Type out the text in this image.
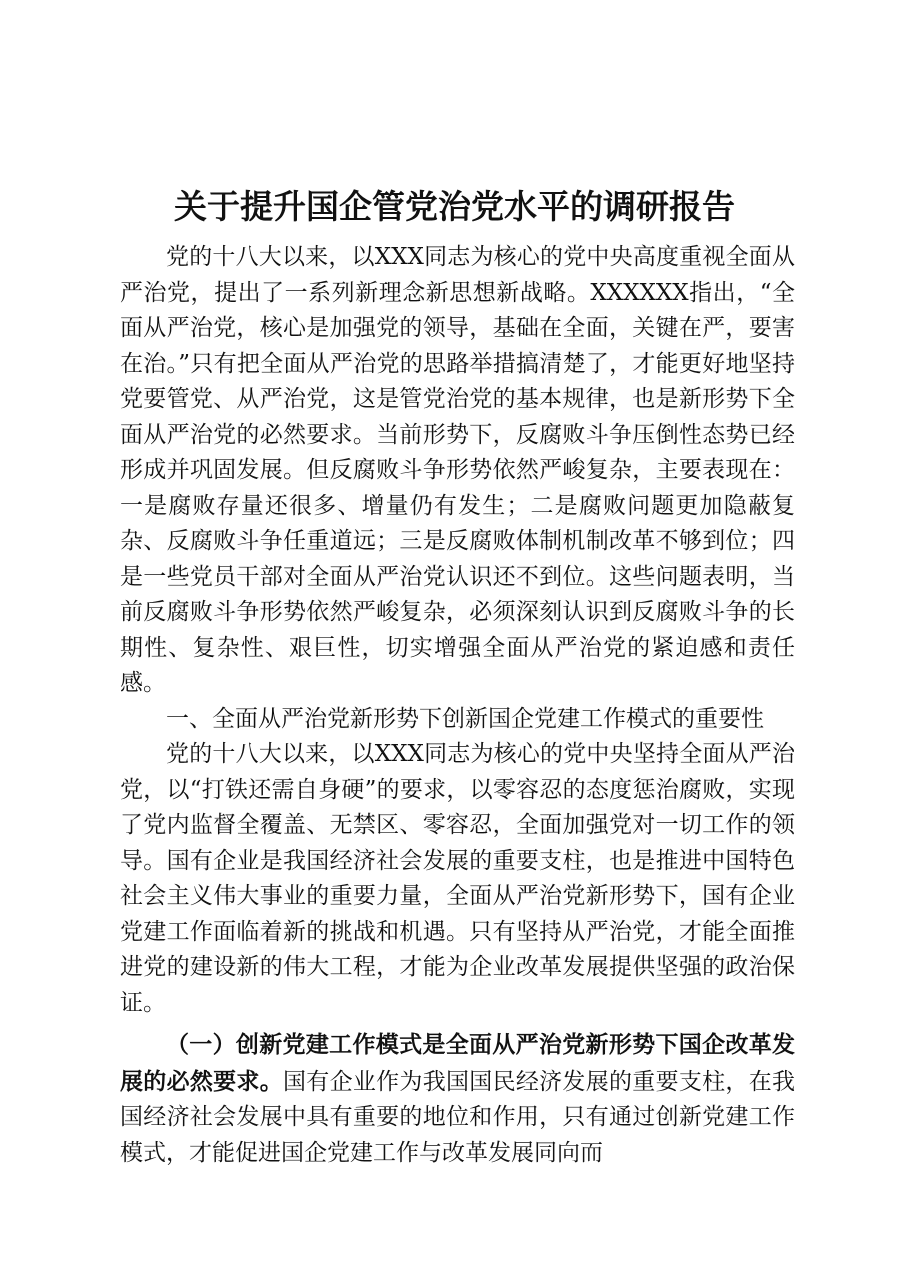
关于提升国企管党治党水平的调研报告

党的十八大以来，以XXX同志为核心的党中央高度重视全面从严治党，提出了一系列新理念新思想新战略。XXXXXX指出，“全面从严治党，核心是加强党的领导，基础在全面，关键在严，要害在治。”只有把全面从严治党的思路举措搞清楚了，才能更好地坚持党要管党、从严治党，这是管党治党的基本规律，也是新形势下全面从严治党的必然要求。当前形势下，反腐败斗争压倒性态势已经形成并巩固发展。但反腐败斗争形势依然严峻复杂，主要表现在：一是腐败存量还很多、增量仍有发生；二是腐败问题更加隐蔽复杂、反腐败斗争任重道远；三是反腐败体制机制改革不够到位；四是一些党员干部对全面从严治党认识还不到位。这些问题表明，当前反腐败斗争形势依然严峻复杂，必须深刻认识到反腐败斗争的长期性、复杂性、艰巨性，切实增强全面从严治党的紧迫感和责任感。

一、全面从严治党新形势下创新国企党建工作模式的重要性

党的十八大以来，以XXX同志为核心的党中央坚持全面从严治党，以“打铁还需自身硬”的要求，以零容忍的态度惩治腐败，实现了党内监督全覆盖、无禁区、零容忍，全面加强党对一切工作的领导。国有企业是我国经济社会发展的重要支柱，也是推进中国特色社会主义伟大事业的重要力量，全面从严治党新形势下，国有企业党建工作面临着新的挑战和机遇。只有坚持从严治党，才能全面推进党的建设新的伟大工程，才能为企业改革发展提供坚强的政治保证。

（一）创新党建工作模式是全面从严治党新形势下国企改革发展的必然要求。国有企业作为我国国民经济发展的重要支柱，在我国经济社会发展中具有重要的地位和作用，只有通过创新党建工作模式，才能促进国企党建工作与改革发展同向而
